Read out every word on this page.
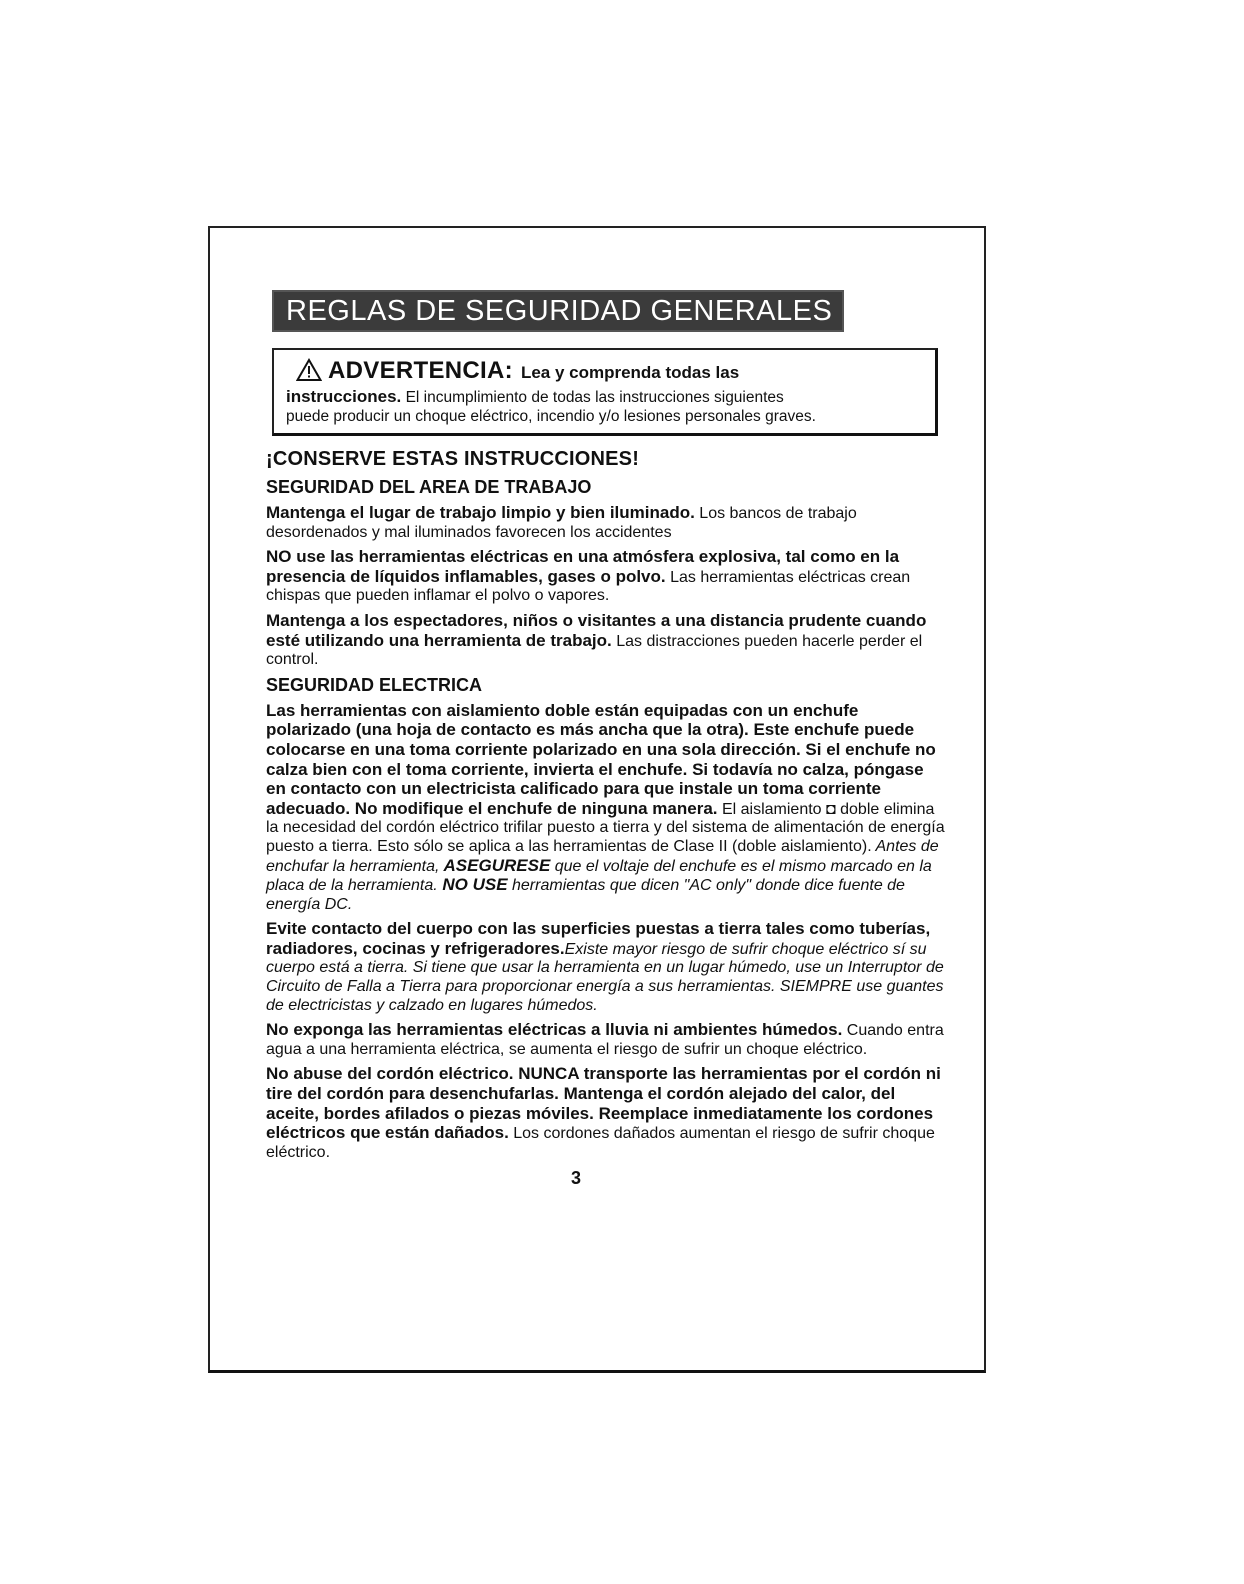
REGLAS DE SEGURIDAD GENERALES
ADVERTENCIA: Lea y comprenda todas las
instrucciones. El incumplimiento de todas las instrucciones siguientes
puede producir un choque eléctrico, incendio y/o lesiones personales graves.
¡CONSERVE ESTAS INSTRUCCIONES!
SEGURIDAD DEL AREA DE TRABAJO

Mantenga el lugar de trabajo limpio y bien iluminado. Los bancos de trabajo desordenados y mal iluminados favorecen los accidentes

NO use las herramientas eléctricas en una atmósfera explosiva, tal como en la presencia de líquidos inflamables, gases o polvo. Las herramientas eléctricas crean chispas que pueden inflamar el polvo o vapores.

Mantenga a los espectadores, niños o visitantes a una distancia prudente cuando esté utilizando una herramienta de trabajo. Las distracciones pueden hacerle perder el control.

SEGURIDAD ELECTRICA

Las herramientas con aislamiento doble están equipadas con un enchufe polarizado (una hoja de contacto es más ancha que la otra). Este enchufe puede colocarse en una toma corriente polarizado en una sola dirección. Si el enchufe no calza bien con el toma corriente, invierta el enchufe. Si todavía no calza, póngase en contacto con un electricista calificado para que instale un toma corriente adecuado. No modifique el enchufe de ninguna manera. El aislamiento ◘ doble elimina la necesidad del cordón eléctrico trifilar puesto a tierra y del sistema de alimentación de energía puesto a tierra. Esto sólo se aplica a las herramientas de Clase II (doble aislamiento). Antes de enchufar la herramienta, ASEGURESE que el voltaje del enchufe es el mismo marcado en la placa de la herramienta. NO USE herramientas que dicen "AC only" donde dice fuente de energía DC.

Evite contacto del cuerpo con las superficies puestas a tierra tales como tuberías, radiadores, cocinas y refrigeradores.Existe mayor riesgo de sufrir choque eléctrico sí su cuerpo está a tierra. Si tiene que usar la herramienta en un lugar húmedo, use un Interruptor de Circuito de Falla a Tierra para proporcionar energía a sus herramientas. SIEMPRE use guantes de electricistas y calzado en lugares húmedos.

No exponga las herramientas eléctricas a lluvia ni ambientes húmedos. Cuando entra agua a una herramienta eléctrica, se aumenta el riesgo de sufrir un choque eléctrico.

No abuse del cordón eléctrico. NUNCA transporte las herramientas por el cordón ni tire del cordón para desenchufarlas. Mantenga el cordón alejado del calor, del aceite, bordes afilados o piezas móviles. Reemplace inmediatamente los cordones eléctricos que están dañados. Los cordones dañados aumentan el riesgo de sufrir choque eléctrico.

3
